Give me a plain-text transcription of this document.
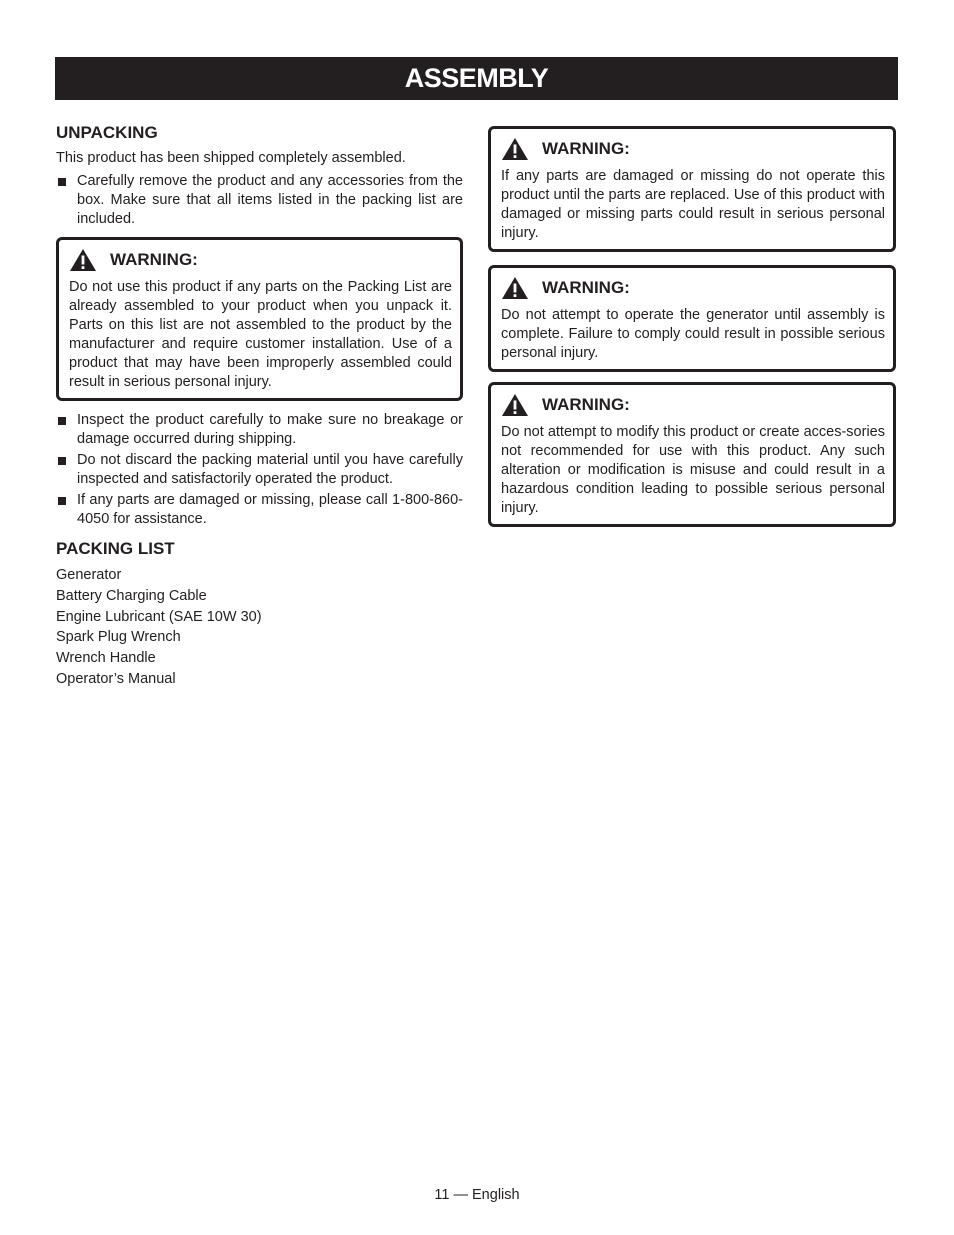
ASSEMBLY
UNPACKING

This product has been shipped completely assembled.

Carefully remove the product and any accessories from the box. Make sure that all items listed in the packing list are included.
WARNING:

Do not use this product if any parts on the Packing List are already assembled to your product when you unpack it. Parts on this list are not assembled to the product by the manufacturer and require customer installation. Use of a product that may have been improperly assembled could result in serious personal injury.

Inspect the product carefully to make sure no breakage or damage occurred during shipping.
Do not discard the packing material until you have carefully inspected and satisfactorily operated the product.
If any parts are damaged or missing, please call 1-800-860-4050 for assistance.
PACKING LIST
Generator
Battery Charging Cable
Engine Lubricant (SAE 10W 30)
Spark Plug Wrench
Wrench Handle
Operator’s Manual
WARNING:

If any parts are damaged or missing do not operate this product until the parts are replaced. Use of this product with damaged or missing parts could result in serious personal injury.

WARNING:

Do not attempt to operate the generator until assembly is complete. Failure to comply could result in possible serious personal injury.

WARNING:

Do not attempt to modify this product or create acces-sories not recommended for use with this product. Any such alteration or modification is misuse and could result in a hazardous condition leading to possible serious personal injury.

11 — English
